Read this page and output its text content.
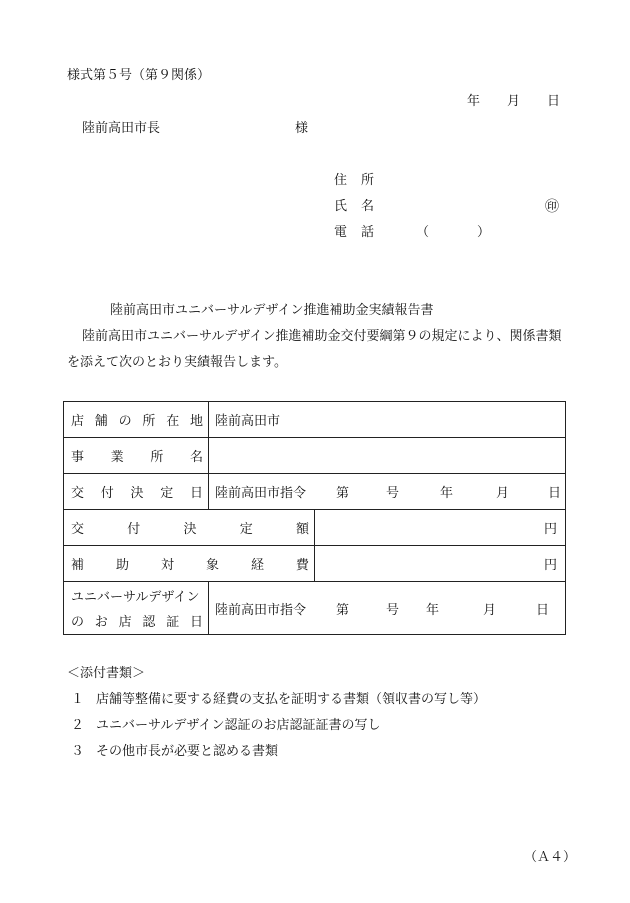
様式第５号（第９関係）
年 月 日
陸前高田市長	様
住 所
氏 名	㊞
電 話	（	）
陸前高田市ユニバーサルデザイン推進補助金実績報告書
陸前高田市ユニバーサルデザイン推進補助金交付要綱第９の規定により、関係書類
を添えて次のとおり実績報告します。
店 舗 の 所 在 地 陸前高田市
事 業 所 名
交 付 決 定 日 陸前高田市指令 第	号	年	月	日
交	付	決	定	額	円
補 助 対 象 経 費	円
ユニバーサルデザイン
の お 店 認 証 日
陸前高田市指令 第	号 年	月	日
＜添付書類＞
１ 店舗等整備に要する経費の支払を証明する書類（領収書の写し等）
２ ユニバーサルデザイン認証のお店認証証書の写し
３ その他市長が必要と認める書類
（Ａ４）
